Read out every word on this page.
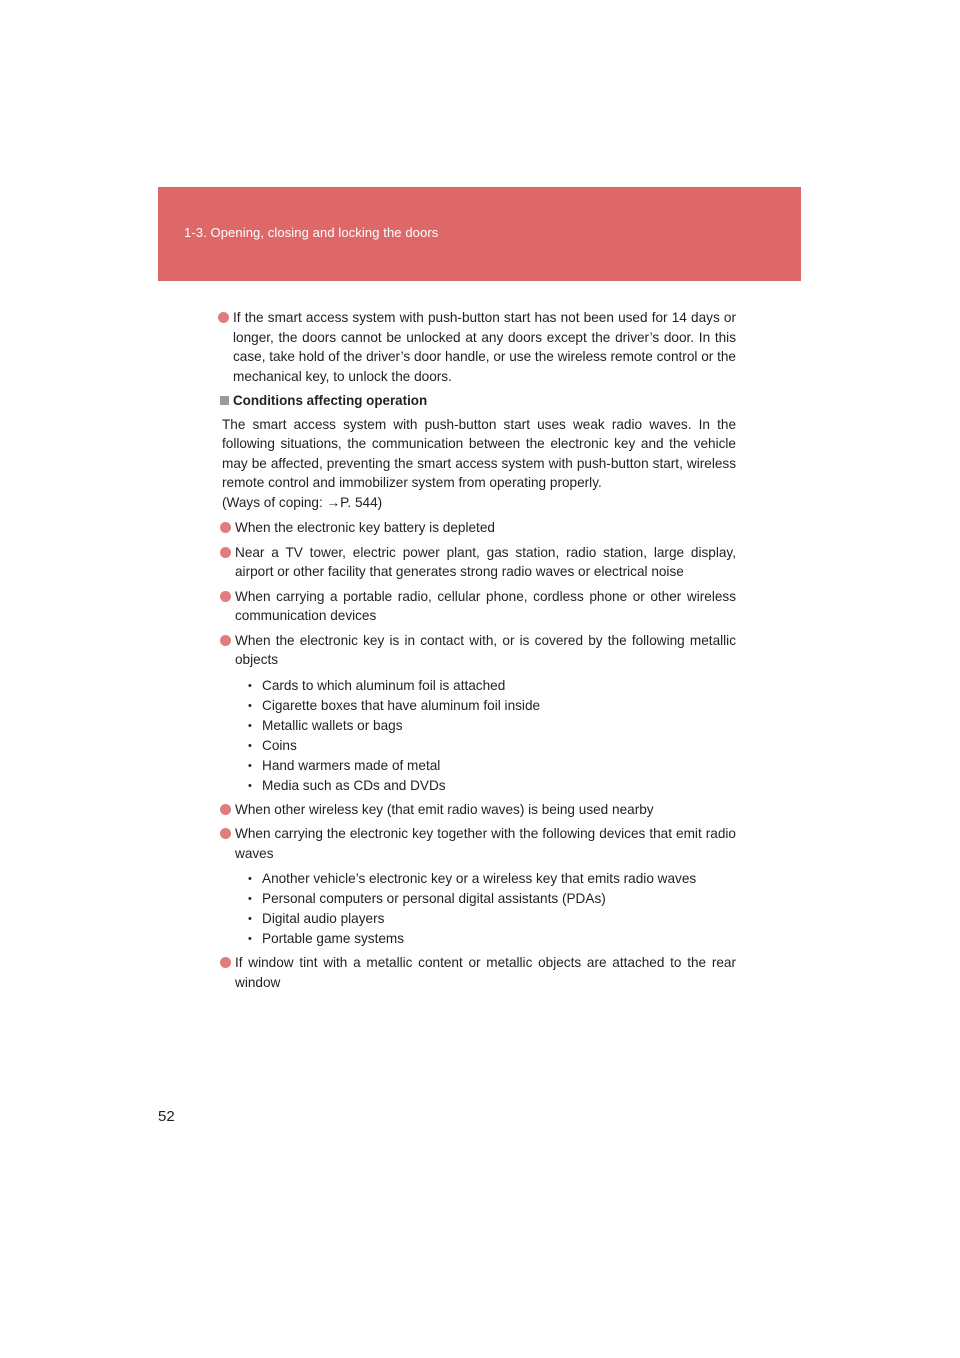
1-3. Opening, closing and locking the doors
If the smart access system with push-button start has not been used for 14 days or longer, the doors cannot be unlocked at any doors except the driver’s door. In this case, take hold of the driver’s door handle, or use the wireless remote control or the mechanical key, to unlock the doors.
Conditions affecting operation
The smart access system with push-button start uses weak radio waves. In the following situations, the communication between the electronic key and the vehicle may be affected, preventing the smart access system with push-button start, wireless remote control and immobilizer system from operating properly.
(Ways of coping: →P. 544)
When the electronic key battery is depleted
Near a TV tower, electric power plant, gas station, radio station, large display, airport or other facility that generates strong radio waves or electrical noise
When carrying a portable radio, cellular phone, cordless phone or other wireless communication devices
When the electronic key is in contact with, or is covered by the following metallic objects
• Cards to which aluminum foil is attached
• Cigarette boxes that have aluminum foil inside
• Metallic wallets or bags
• Coins
• Hand warmers made of metal
• Media such as CDs and DVDs
When other wireless key (that emit radio waves) is being used nearby
When carrying the electronic key together with the following devices that emit radio waves
• Another vehicle’s electronic key or a wireless key that emits radio waves
• Personal computers or personal digital assistants (PDAs)
• Digital audio players
• Portable game systems
If window tint with a metallic content or metallic objects are attached to the rear window
52
